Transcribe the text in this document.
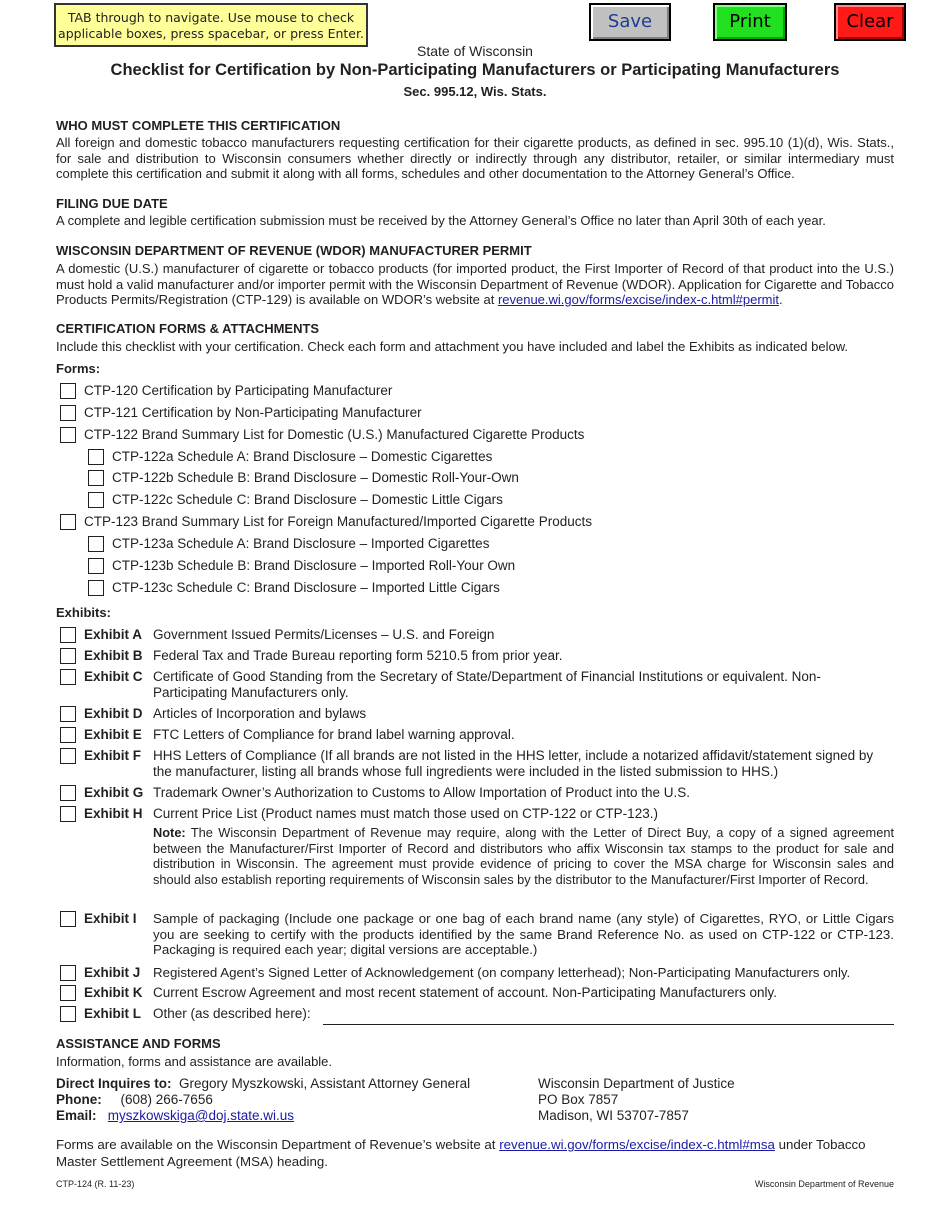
TAB through to navigate. Use mouse to check applicable boxes, press spacebar, or press Enter.
Save	Print	Clear
State of Wisconsin
Checklist for Certification by Non-Participating Manufacturers or Participating Manufacturers
Sec. 995.12, Wis. Stats.
WHO MUST COMPLETE THIS CERTIFICATION
All foreign and domestic tobacco manufacturers requesting certification for their cigarette products, as defined in sec. 995.10 (1)(d), Wis. Stats., for sale and distribution to Wisconsin consumers whether directly or indirectly through any distributor, retailer, or similar intermediary must complete this certification and submit it along with all forms, schedules and other documentation to the Attorney General’s Office.
FILING DUE DATE
A complete and legible certification submission must be received by the Attorney General’s Office no later than April 30th of each year.
WISCONSIN DEPARTMENT OF REVENUE (WDOR) MANUFACTURER PERMIT
A domestic (U.S.) manufacturer of cigarette or tobacco products (for imported product, the First Importer of Record of that product into the U.S.) must hold a valid manufacturer and/or importer permit with the Wisconsin Department of Revenue (WDOR). Application for Cigarette and Tobacco Products Permits/Registration (CTP-129) is available on WDOR’s website at revenue.wi.gov/forms/excise/index-c.html#permit.
CERTIFICATION FORMS & ATTACHMENTS
Include this checklist with your certification. Check each form and attachment you have included and label the Exhibits as indicated below.
Forms:
CTP-120 Certification by Participating Manufacturer
CTP-121 Certification by Non-Participating Manufacturer
CTP-122 Brand Summary List for Domestic (U.S.) Manufactured Cigarette Products
CTP-122a Schedule A: Brand Disclosure – Domestic Cigarettes
CTP-122b Schedule B: Brand Disclosure – Domestic Roll-Your-Own
CTP-122c Schedule C: Brand Disclosure – Domestic Little Cigars
CTP-123 Brand Summary List for Foreign Manufactured/Imported Cigarette Products
CTP-123a Schedule A: Brand Disclosure – Imported Cigarettes
CTP-123b Schedule B: Brand Disclosure – Imported Roll-Your Own
CTP-123c Schedule C: Brand Disclosure – Imported Little Cigars
Exhibits:
Exhibit A Government Issued Permits/Licenses – U.S. and Foreign
Exhibit B Federal Tax and Trade Bureau reporting form 5210.5 from prior year.
Exhibit C Certificate of Good Standing from the Secretary of State/Department of Financial Institutions or equivalent. Non-Participating Manufacturers only.
Exhibit D Articles of Incorporation and bylaws
Exhibit E FTC Letters of Compliance for brand label warning approval.
Exhibit F HHS Letters of Compliance (If all brands are not listed in the HHS letter, include a notarized affidavit/statement signed by the manufacturer, listing all brands whose full ingredients were included in the listed submission to HHS.)
Exhibit G Trademark Owner’s Authorization to Customs to Allow Importation of Product into the U.S.
Exhibit H Current Price List (Product names must match those used on CTP-122 or CTP-123.)
Note: The Wisconsin Department of Revenue may require, along with the Letter of Direct Buy, a copy of a signed agreement between the Manufacturer/First Importer of Record and distributors who affix Wisconsin tax stamps to the product for sale and distribution in Wisconsin. The agreement must provide evidence of pricing to cover the MSA charge for Wisconsin sales and should also establish reporting requirements of Wisconsin sales by the distributor to the Manufacturer/First Importer of Record.
Exhibit I Sample of packaging (Include one package or one bag of each brand name (any style) of Cigarettes, RYO, or Little Cigars you are seeking to certify with the products identified by the same Brand Reference No. as used on CTP-122 or CTP-123. Packaging is required each year; digital versions are acceptable.)
Exhibit J Registered Agent’s Signed Letter of Acknowledgement (on company letterhead); Non-Participating Manufacturers only.
Exhibit K Current Escrow Agreement and most recent statement of account. Non-Participating Manufacturers only.
Exhibit L Other (as described here):
ASSISTANCE AND FORMS
Information, forms and assistance are available.
Direct Inquires to: Gregory Myszkowski, Assistant Attorney General
Phone: (608) 266-7656
Email: myszkowskiga@doj.state.wi.us
Wisconsin Department of Justice
PO Box 7857
Madison, WI 53707-7857
Forms are available on the Wisconsin Department of Revenue’s website at revenue.wi.gov/forms/excise/index-c.html#msa under Tobacco Master Settlement Agreement (MSA) heading.
CTP-124 (R. 11-23)	Wisconsin Department of Revenue
